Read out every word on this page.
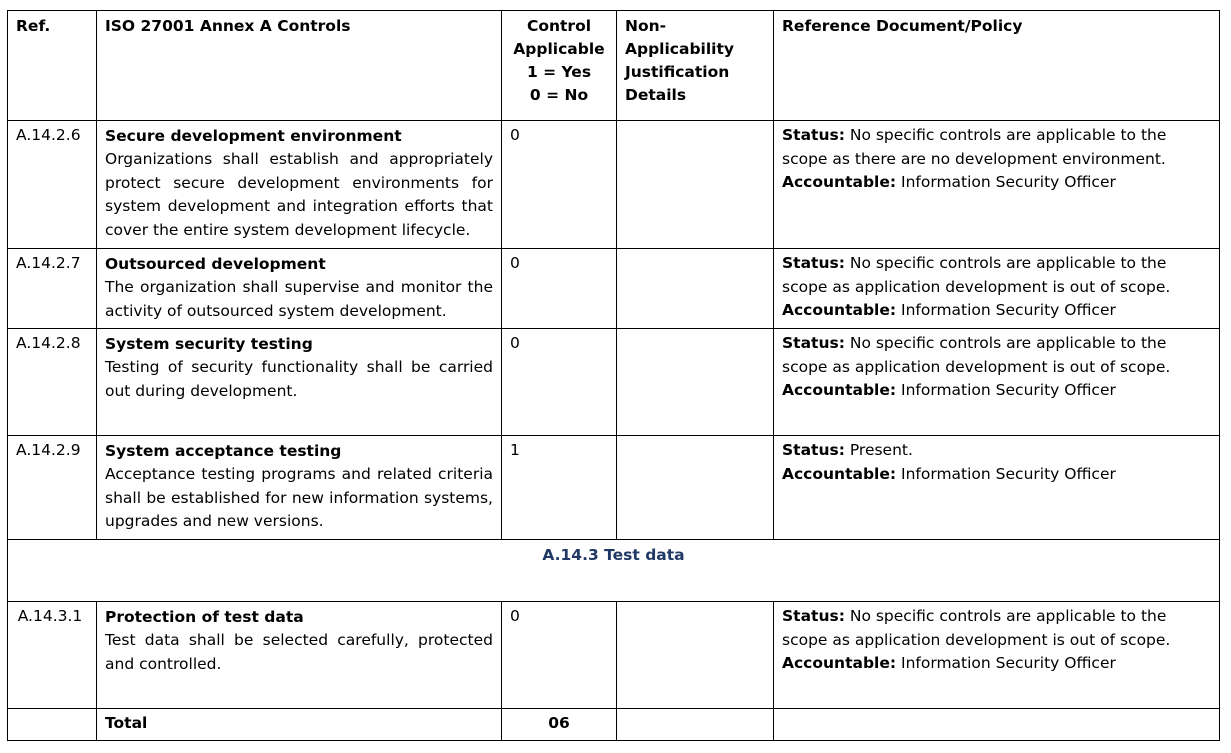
Ref.	ISO 27001 Annex A Controls	Control
Applicable
1 = Yes
0 = No	Non-Applicability
Justification
Details	Reference Document/Policy
A.14.2.6	Secure development environment
Organizations shall establish and appropriately protect secure development environments for system development and integration efforts that cover the entire system development lifecycle.	0		Status: No specific controls are applicable to the scope as there are no development environment.
Accountable: Information Security Officer

A.14.2.7	Outsourced development
The organization shall supervise and monitor the activity of outsourced system development.	0		Status: No specific controls are applicable to the scope as application development is out of scope.
Accountable: Information Security Officer

A.14.2.8	System security testing
Testing of security functionality shall be carried out during development.	0		Status: No specific controls are applicable to the scope as application development is out of scope.
Accountable: Information Security Officer

A.14.2.9	System acceptance testing
Acceptance testing programs and related criteria shall be established for new information systems, upgrades and new versions.	1		Status: Present.
Accountable: Information Security Officer

A.14.3 Test data				
A.14.3.1	Protection of test data
Test data shall be selected carefully, protected and controlled.	0		Status: No specific controls are applicable to the scope as application development is out of scope.
Accountable: Information Security Officer

	Total	06		
